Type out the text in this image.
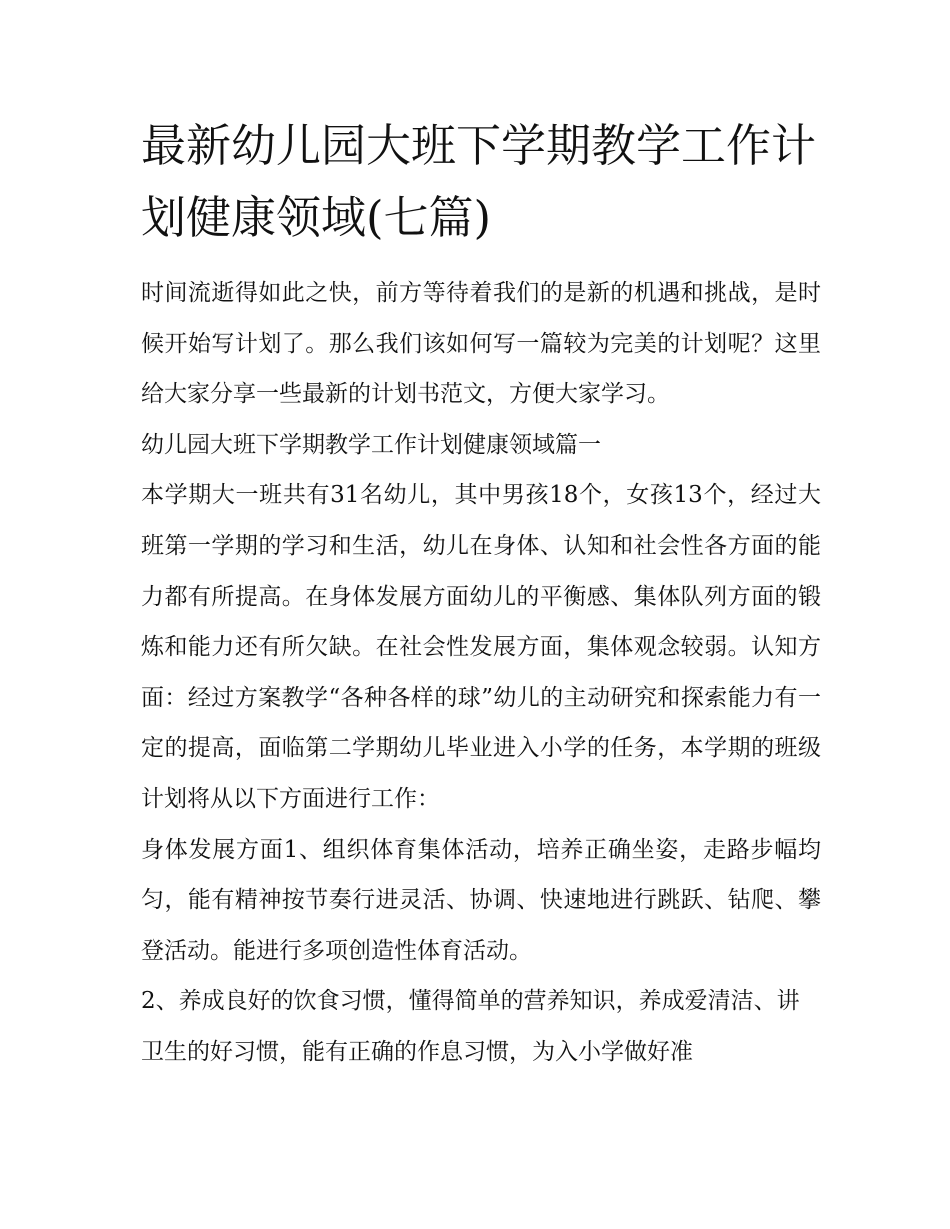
最新幼儿园大班下学期教学工作计划健康领域(七篇)

时间流逝得如此之快，前方等待着我们的是新的机遇和挑战，是时候开始写计划了。那么我们该如何写一篇较为完美的计划呢？这里给大家分享一些最新的计划书范文，方便大家学习。

幼儿园大班下学期教学工作计划健康领域篇一

本学期大一班共有31名幼儿，其中男孩18个，女孩13个，经过大班第一学期的学习和生活，幼儿在身体、认知和社会性各方面的能力都有所提高。在身体发展方面幼儿的平衡感、集体队列方面的锻炼和能力还有所欠缺。在社会性发展方面，集体观念较弱。认知方面：经过方案教学“各种各样的球”幼儿的主动研究和探索能力有一定的提高，面临第二学期幼儿毕业进入小学的任务，本学期的班级计划将从以下方面进行工作：

身体发展方面1、组织体育集体活动，培养正确坐姿，走路步幅均匀，能有精神按节奏行进灵活、协调、快速地进行跳跃、钻爬、攀登活动。能进行多项创造性体育活动。

2、养成良好的饮食习惯，懂得简单的营养知识，养成爱清洁、讲卫生的好习惯，能有正确的作息习惯，为入小学做好准
